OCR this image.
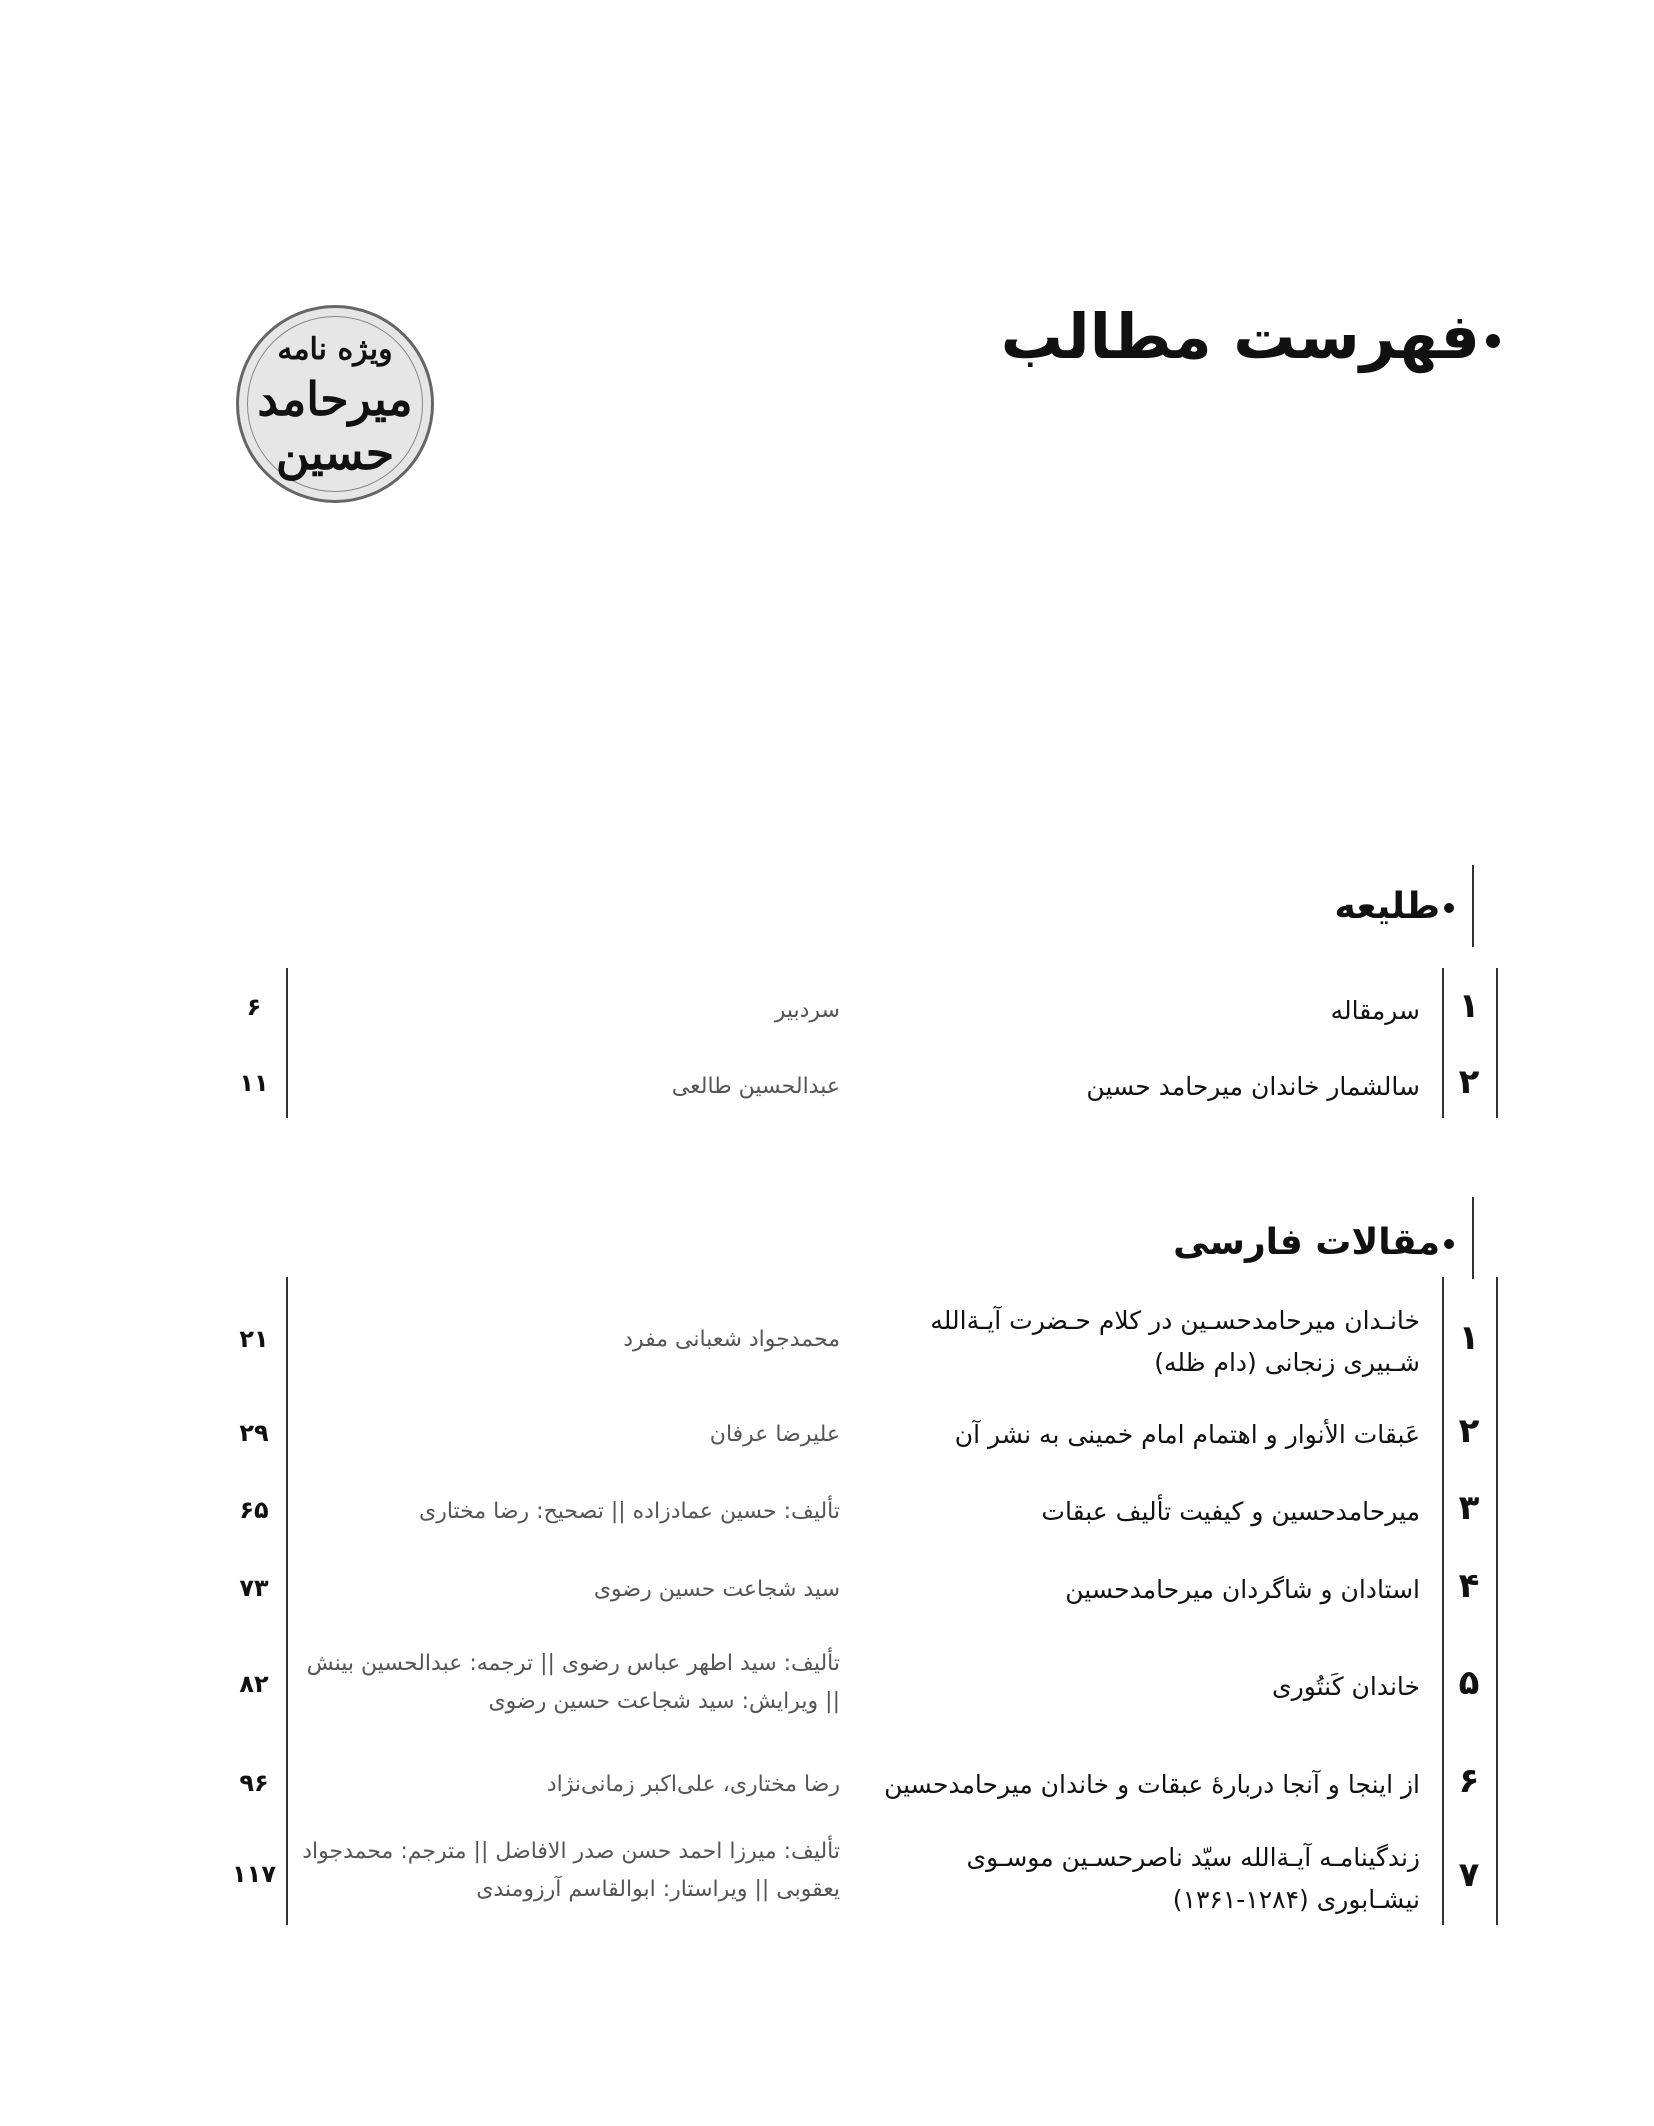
فهرست مطالب
ویژه نامه
میرحامد حسین
طلیعه
۱
سرمقاله
سردبیر
۶
۲
سالشمار خاندان میرحامد حسین
عبدالحسین طالعی
۱۱
مقالات فارسی
۱
خانـدان میرحامدحسـین در کلام حـضرت آیـة‌الله شـبیری زنجانی (دام ظله)
محمدجواد شعبانی مفرد
۲۱
۲
عَبقات الأنوار و اهتمام امام خمینی به نشر آن
علیرضا عرفان
۲۹
۳
میرحامدحسین و کیفیت تألیف عبقات
تألیف: حسین عمادزاده || تصحیح: رضا مختاری
۶۵
۴
استادان و شاگردان میرحامدحسین
سید شجاعت حسین رضوی
۷۳
۵
خاندان کَنتُوری
تألیف: سید اطهر عباس رضوی || ترجمه: عبدالحسین بینش || ویرایش: سید شجاعت حسین رضوی
۸۲
۶
از اینجا و آنجا دربارۀ عبقات و خاندان میرحامدحسین
رضا مختاری، علی‌اکبر زمانی‌نژاد
۹۶
۷
زندگینامـه آیـة‌الله سیّد ناصرحسـین موسـوی نیشـابوری (۱۲۸۴-۱۳۶۱)
تألیف: میرزا احمد حسن صدر الافاضل || مترجم: محمدجواد یعقوبی || ویراستار: ابوالقاسم آرزومندی
۱۱۷
